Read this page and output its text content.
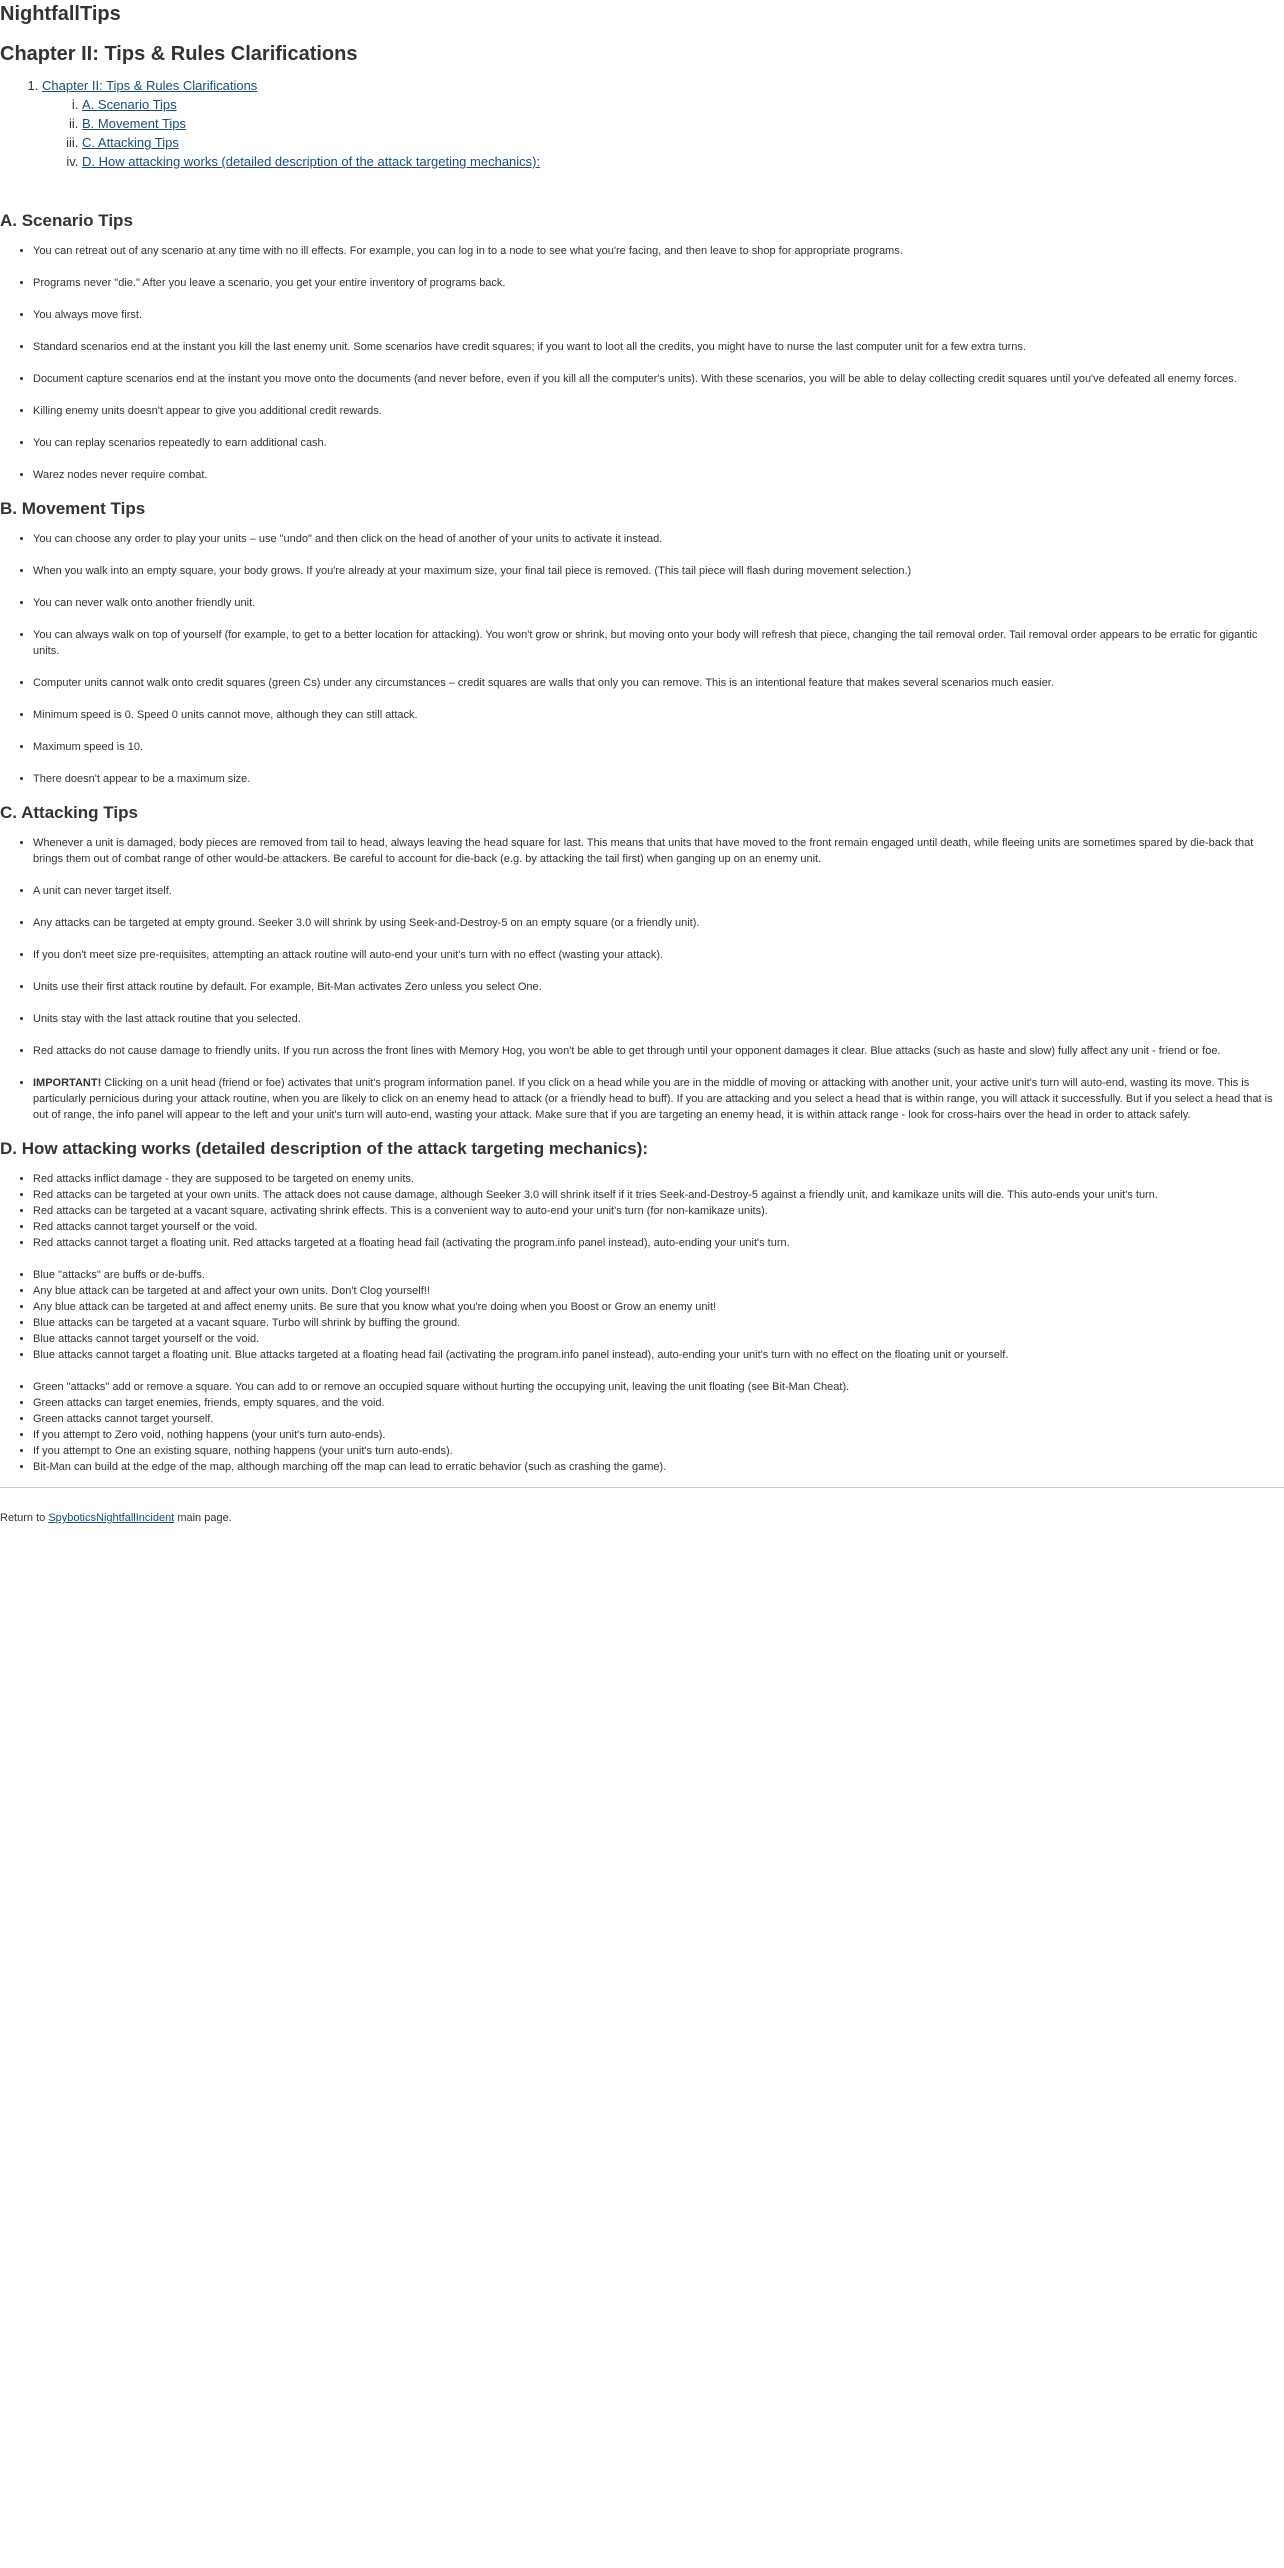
NightfallTips
Chapter II: Tips & Rules Clarifications
1. Chapter II: Tips & Rules Clarifications
i. A. Scenario Tips
ii. B. Movement Tips
iii. C. Attacking Tips
iv. D. How attacking works (detailed description of the attack targeting mechanics):
A. Scenario Tips
• You can retreat out of any scenario at any time with no ill effects. For example, you can log in to a node to see what you're facing, and then leave to shop for appropriate programs.
• Programs never "die." After you leave a scenario, you get your entire inventory of programs back.
• You always move first.
• Standard scenarios end at the instant you kill the last enemy unit. Some scenarios have credit squares; if you want to loot all the credits, you might have to nurse the last computer unit for a few extra turns.
• Document capture scenarios end at the instant you move onto the documents (and never before, even if you kill all the computer's units). With these scenarios, you will be able to delay collecting credit squares until you've defeated all enemy forces.
• Killing enemy units doesn't appear to give you additional credit rewards.
• You can replay scenarios repeatedly to earn additional cash.
• Warez nodes never require combat.
B. Movement Tips
• You can choose any order to play your units – use "undo" and then click on the head of another of your units to activate it instead.
• When you walk into an empty square, your body grows. If you're already at your maximum size, your final tail piece is removed. (This tail piece will flash during movement selection.)
• You can never walk onto another friendly unit.
• You can always walk on top of yourself (for example, to get to a better location for attacking). You won't grow or shrink, but moving onto your body will refresh that piece, changing the tail removal order. Tail removal order appears to be erratic for gigantic units.
• Computer units cannot walk onto credit squares (green Cs) under any circumstances – credit squares are walls that only you can remove. This is an intentional feature that makes several scenarios much easier.
• Minimum speed is 0. Speed 0 units cannot move, although they can still attack.
• Maximum speed is 10.
• There doesn't appear to be a maximum size.
C. Attacking Tips
• Whenever a unit is damaged, body pieces are removed from tail to head, always leaving the head square for last. This means that units that have moved to the front remain engaged until death, while fleeing units are sometimes spared by die-back that brings them out of combat range of other would-be attackers. Be careful to account for die-back (e.g. by attacking the tail first) when ganging up on an enemy unit.
• A unit can never target itself.
• Any attacks can be targeted at empty ground. Seeker 3.0 will shrink by using Seek-and-Destroy-5 on an empty square (or a friendly unit).
• If you don't meet size pre-requisites, attempting an attack routine will auto-end your unit's turn with no effect (wasting your attack).
• Units use their first attack routine by default. For example, Bit-Man activates Zero unless you select One.
• Units stay with the last attack routine that you selected.
• Red attacks do not cause damage to friendly units. If you run across the front lines with Memory Hog, you won't be able to get through until your opponent damages it clear. Blue attacks (such as haste and slow) fully affect any unit - friend or foe.
• IMPORTANT! Clicking on a unit head (friend or foe) activates that unit's program information panel. If you click on a head while you are in the middle of moving or attacking with another unit, your active unit's turn will auto-end, wasting its move. This is particularly pernicious during your attack routine, when you are likely to click on an enemy head to attack (or a friendly head to buff). If you are attacking and you select a head that is within range, you will attack it successfully. But if you select a head that is out of range, the info panel will appear to the left and your unit's turn will auto-end, wasting your attack. Make sure that if you are targeting an enemy head, it is within attack range - look for cross-hairs over the head in order to attack safely.
D. How attacking works (detailed description of the attack targeting mechanics):
• Red attacks inflict damage - they are supposed to be targeted on enemy units.
• Red attacks can be targeted at your own units. The attack does not cause damage, although Seeker 3.0 will shrink itself if it tries Seek-and-Destroy-5 against a friendly unit, and kamikaze units will die. This auto-ends your unit's turn.
• Red attacks can be targeted at a vacant square, activating shrink effects. This is a convenient way to auto-end your unit's turn (for non-kamikaze units).
• Red attacks cannot target yourself or the void.
• Red attacks cannot target a floating unit. Red attacks targeted at a floating head fail (activating the program.info panel instead), auto-ending your unit's turn.
• Blue "attacks" are buffs or de-buffs.
• Any blue attack can be targeted at and affect your own units. Don't Clog yourself!!
• Any blue attack can be targeted at and affect enemy units. Be sure that you know what you're doing when you Boost or Grow an enemy unit!
• Blue attacks can be targeted at a vacant square. Turbo will shrink by buffing the ground.
• Blue attacks cannot target yourself or the void.
• Blue attacks cannot target a floating unit. Blue attacks targeted at a floating head fail (activating the program.info panel instead), auto-ending your unit's turn with no effect on the floating unit or yourself.
• Green "attacks" add or remove a square. You can add to or remove an occupied square without hurting the occupying unit, leaving the unit floating (see Bit-Man Cheat).
• Green attacks can target enemies, friends, empty squares, and the void.
• Green attacks cannot target yourself.
• If you attempt to Zero void, nothing happens (your unit's turn auto-ends).
• If you attempt to One an existing square, nothing happens (your unit's turn auto-ends).
• Bit-Man can build at the edge of the map, although marching off the map can lead to erratic behavior (such as crashing the game).

Return to SpyboticsNightfallIncident main page.
